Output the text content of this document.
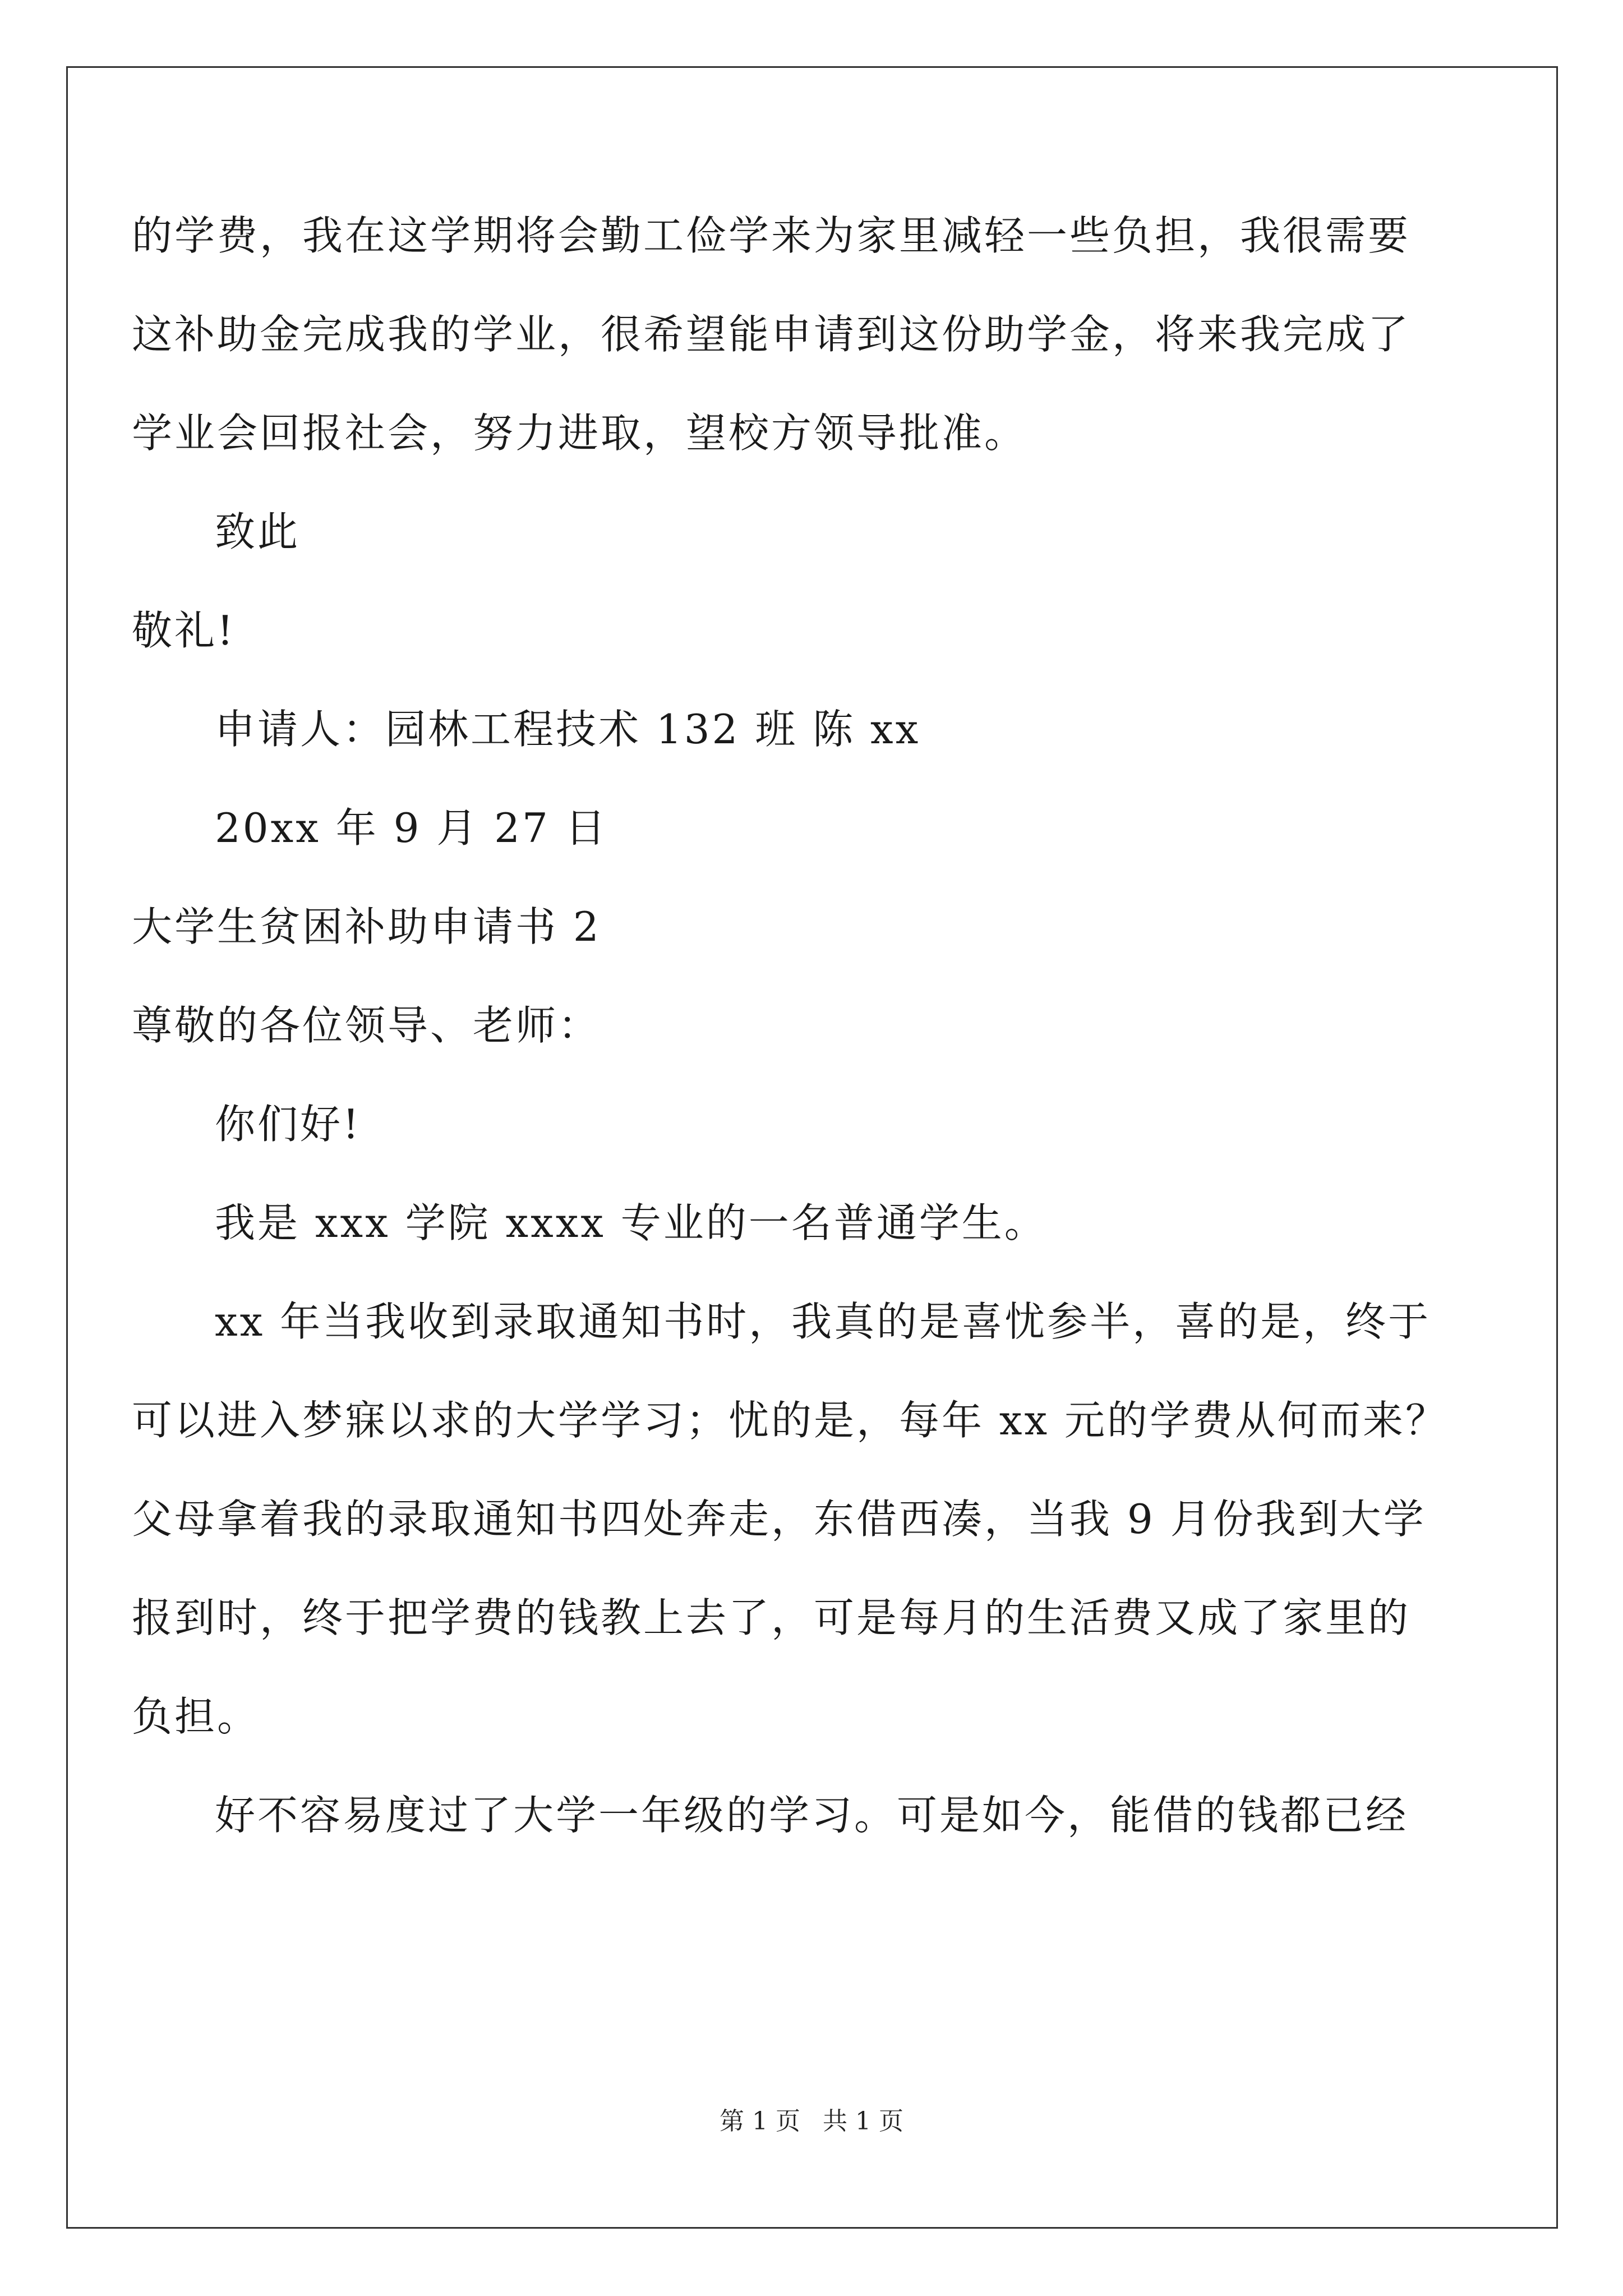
的学费，我在这学期将会勤工俭学来为家里减轻一些负担，我很需要
这补助金完成我的学业，很希望能申请到这份助学金，将来我完成了
学业会回报社会，努力进取，望校方领导批准。
致此
敬礼!
申请人：园林工程技术 132 班 陈 xx
20xx 年 9 月 27 日
大学生贫困补助申请书 2
尊敬的各位领导、老师：
你们好!
我是 xxx 学院 xxxx 专业的一名普通学生。
xx 年当我收到录取通知书时，我真的是喜忧参半，喜的是，终于
可以进入梦寐以求的大学学习；忧的是，每年 xx 元的学费从何而来？
父母拿着我的录取通知书四处奔走，东借西凑，当我 9 月份我到大学
报到时，终于把学费的钱教上去了，可是每月的生活费又成了家里的
负担。
好不容易度过了大学一年级的学习。可是如今，能借的钱都已经
第 1 页 共 1 页
